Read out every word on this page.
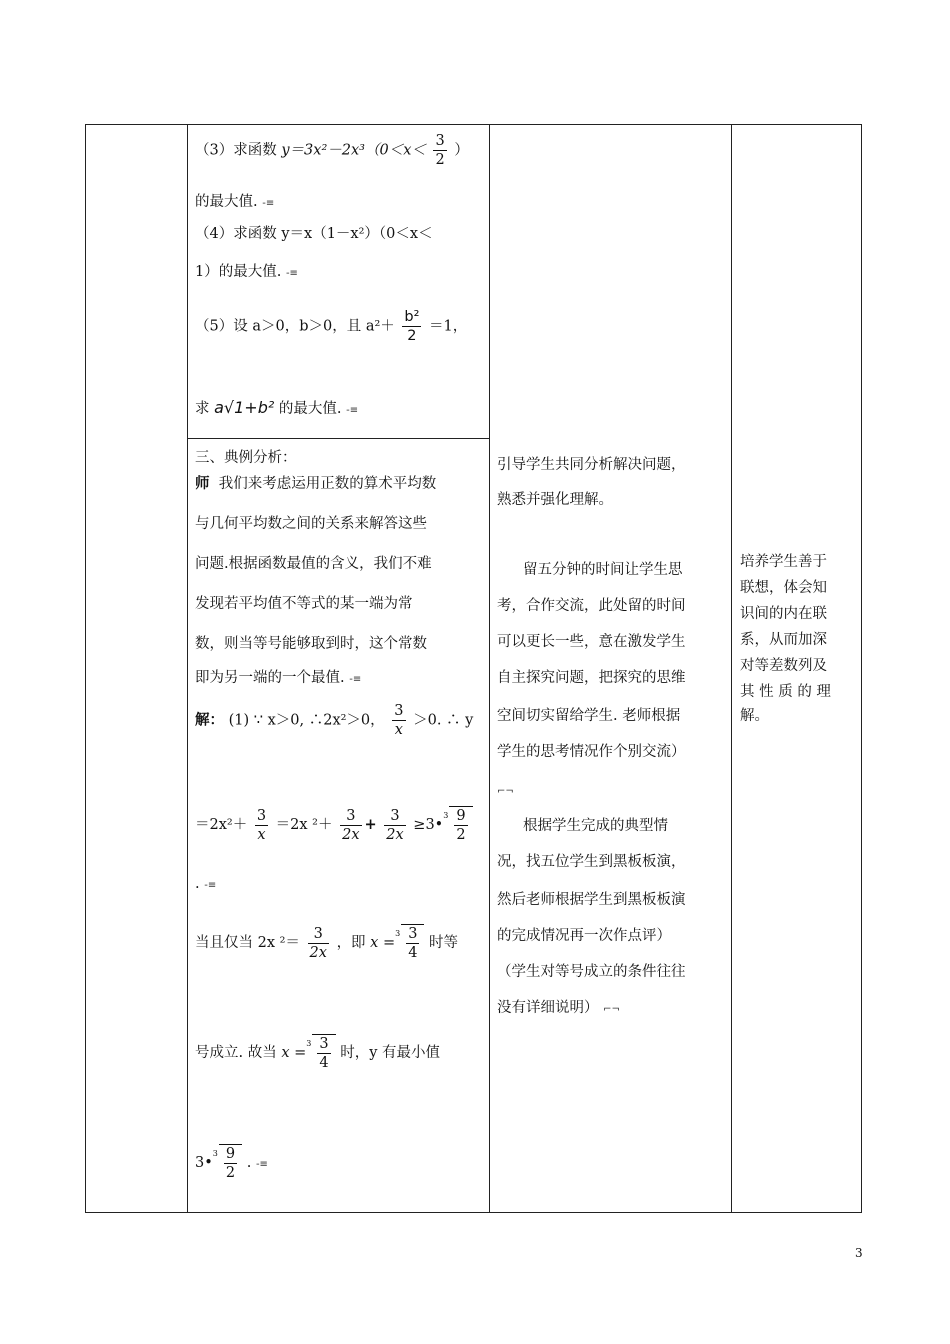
（3）求函数 $y=3x^2-2x^3(0<x< \frac{3}{2}$ ）
的最大值. -≡
（4）求函数 y＝x（1－x²）（0＜x＜
1）的最大值. -≡
（5）设 a＞0，b＞0，且 $a^2+ \frac{\text{b²}}{2} =1$，
求 a√1+b² 的最大值. -≡
三、典例分析：
师 我们来考虑运用正数的算术平均数
与几何平均数之间的关系来解答这些
问题.根据函数最值的含义，我们不难
发现若平均值不等式的某一端为常
数，则当等号能够取到时，这个常数
即为另一端的一个最值. -≡
解： (1) ∵ x＞0, ∴2x²＞0， $\frac{3}{x} >0$. ∴ y
$=2x^2+ \frac{3}{x} =2x$ $^2+ \frac{3}{2x} + \frac{3}{2x}$ ≥3•$^3$ $\frac{9}{2}$
. -≡
当且仅当 2x $^2= \frac{3}{2x}$ ，即 $x =^3 \frac{3}{4}$ 时等
号成立. 故当 $x =^3 \frac{3}{4}$ 时，y 有最小值
3•$^3$ $\frac{9}{2}$ . -≡
引导学生共同分析解决问题，
熟悉并强化理解。
留五分钟的时间让学生思
考，合作交流，此处留的时间
可以更长一些，意在激发学生
自主探究问题，把探究的思维
空间切实留给学生. 老师根据
学生的思考情况作个别交流）
⌐¬
根据学生完成的典型情
况，找五位学生到黑板板演，
然后老师根据学生到黑板板演
的完成情况再一次作点评）
（学生对等号成立的条件往往
没有详细说明） ⌐¬
培养学生善于
联想，体会知
识间的内在联
系，从而加深
对等差数列及
其 性 质 的 理
解。
3
